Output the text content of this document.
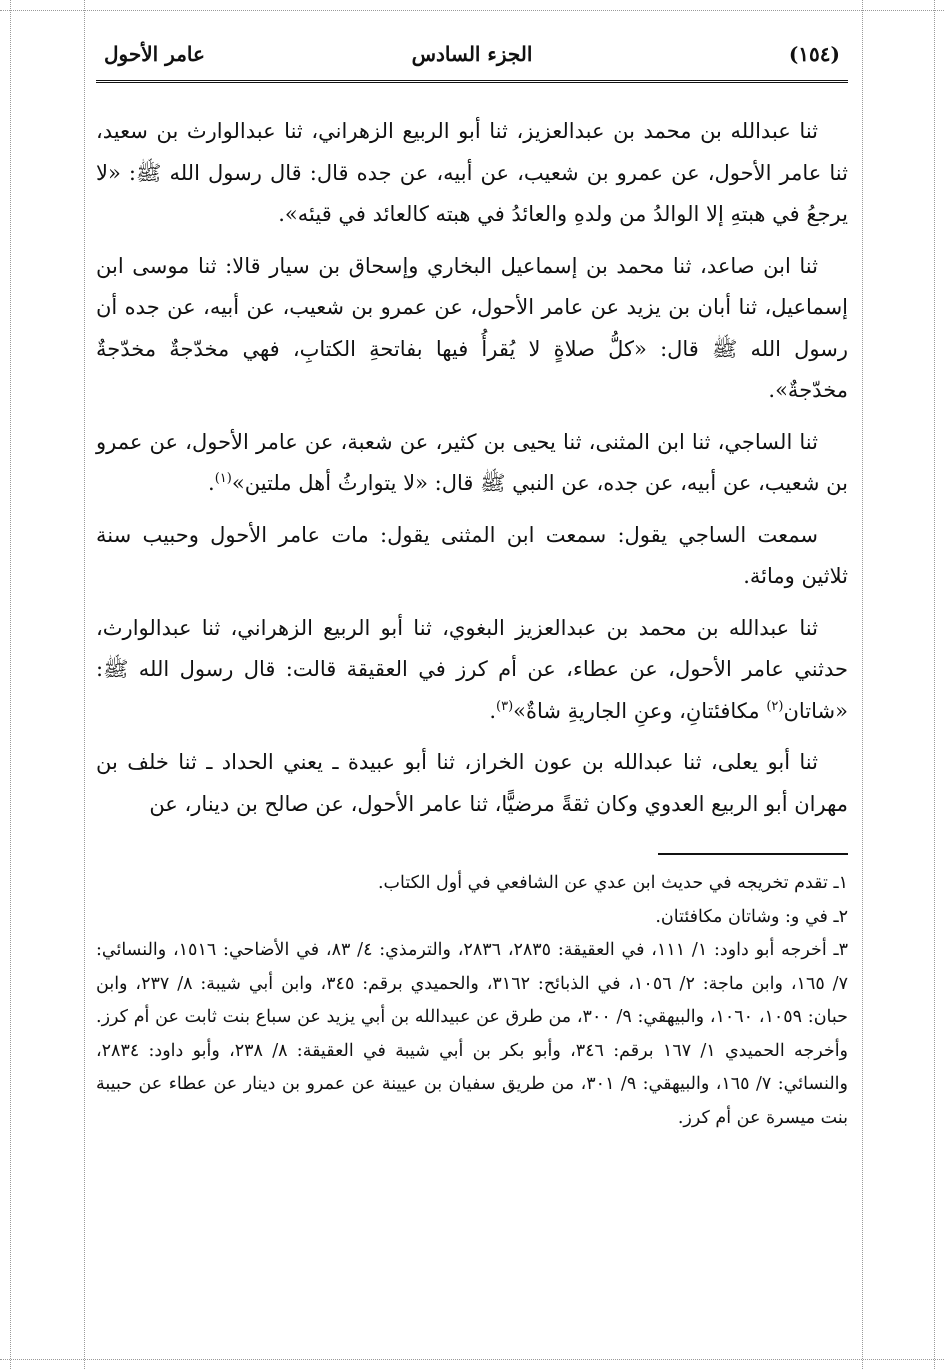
(١٥٤)
الجزء السادس
عامر الأحول

ثنا عبدالله بن محمد بن عبدالعزيز، ثنا أبو الربيع الزهراني، ثنا عبدالوارث بن سعيد، ثنا عامر الأحول، عن عمرو بن شعيب، عن أبيه، عن جده قال: قال رسول الله ﷺ: «لا يرجعُ في هبتهِ إلا الوالدُ من ولدهِ والعائدُ في هبته كالعائد في قيئه».

ثنا ابن صاعد، ثنا محمد بن إسماعيل البخاري وإسحاق بن سيار قالا: ثنا موسى ابن إسماعيل، ثنا أبان بن يزيد عن عامر الأحول، عن عمرو بن شعيب، عن أبيه، عن جده أن رسول الله ﷺ قال: «كلُّ صلاةٍ لا يُقرأُ فيها بفاتحةِ الكتابِ، فهي مخدّجةٌ مخدّجةٌ مخدّجةٌ».

ثنا الساجي، ثنا ابن المثنى، ثنا يحيى بن كثير، عن شعبة، عن عامر الأحول، عن عمرو بن شعيب، عن أبيه، عن جده، عن النبي ﷺ قال: «لا يتوارثُ أهل ملتين»$^{(١)}$.

سمعت الساجي يقول: سمعت ابن المثنى يقول: مات عامر الأحول وحبيب سنة ثلاثين ومائة.

ثنا عبدالله بن محمد بن عبدالعزيز البغوي، ثنا أبو الربيع الزهراني، ثنا عبدالوارث، حدثني عامر الأحول، عن عطاء، عن أم كرز في العقيقة قالت: قال رسول الله ﷺ: «شاتان$^{(٢)}$ مكافئتانِ، وعنِ الجاريةِ شاةٌ»$^{(٣)}$.

ثنا أبو يعلى، ثنا عبدالله بن عون الخراز، ثنا أبو عبيدة ـ يعني الحداد ـ ثنا خلف بن مهران أبو الربيع العدوي وكان ثقةً مرضيًّا، ثنا عامر الأحول، عن صالح بن دينار، عن

١ـ تقدم تخريجه في حديث ابن عدي عن الشافعي في أول الكتاب.

٢ـ في و: وشاتان مكافئتان.

٣ـ أخرجه أبو داود: ١/ ١١١، في العقيقة: ٢٨٣٥، ٢٨٣٦، والترمذي: ٤/ ٨٣، في الأضاحي: ١٥١٦، والنسائي: ٧/ ١٦٥، وابن ماجة: ٢/ ١٠٥٦، في الذبائح: ٣١٦٢، والحميدي برقم: ٣٤٥، وابن أبي شيبة: ٨/ ٢٣٧، وابن حبان: ١٠٥٩، ١٠٦٠، والبيهقي: ٩/ ٣٠٠، من طرق عن عبيدالله بن أبي يزيد عن سباع بنت ثابت عن أم كرز. وأخرجه الحميدي ١/ ١٦٧ برقم: ٣٤٦، وأبو بكر بن أبي شيبة في العقيقة: ٨/ ٢٣٨، وأبو داود: ٢٨٣٤، والنسائي: ٧/ ١٦٥، والبيهقي: ٩/ ٣٠١، من طريق سفيان بن عيينة عن عمرو بن دينار عن عطاء عن حبيبة بنت ميسرة عن أم كرز.
